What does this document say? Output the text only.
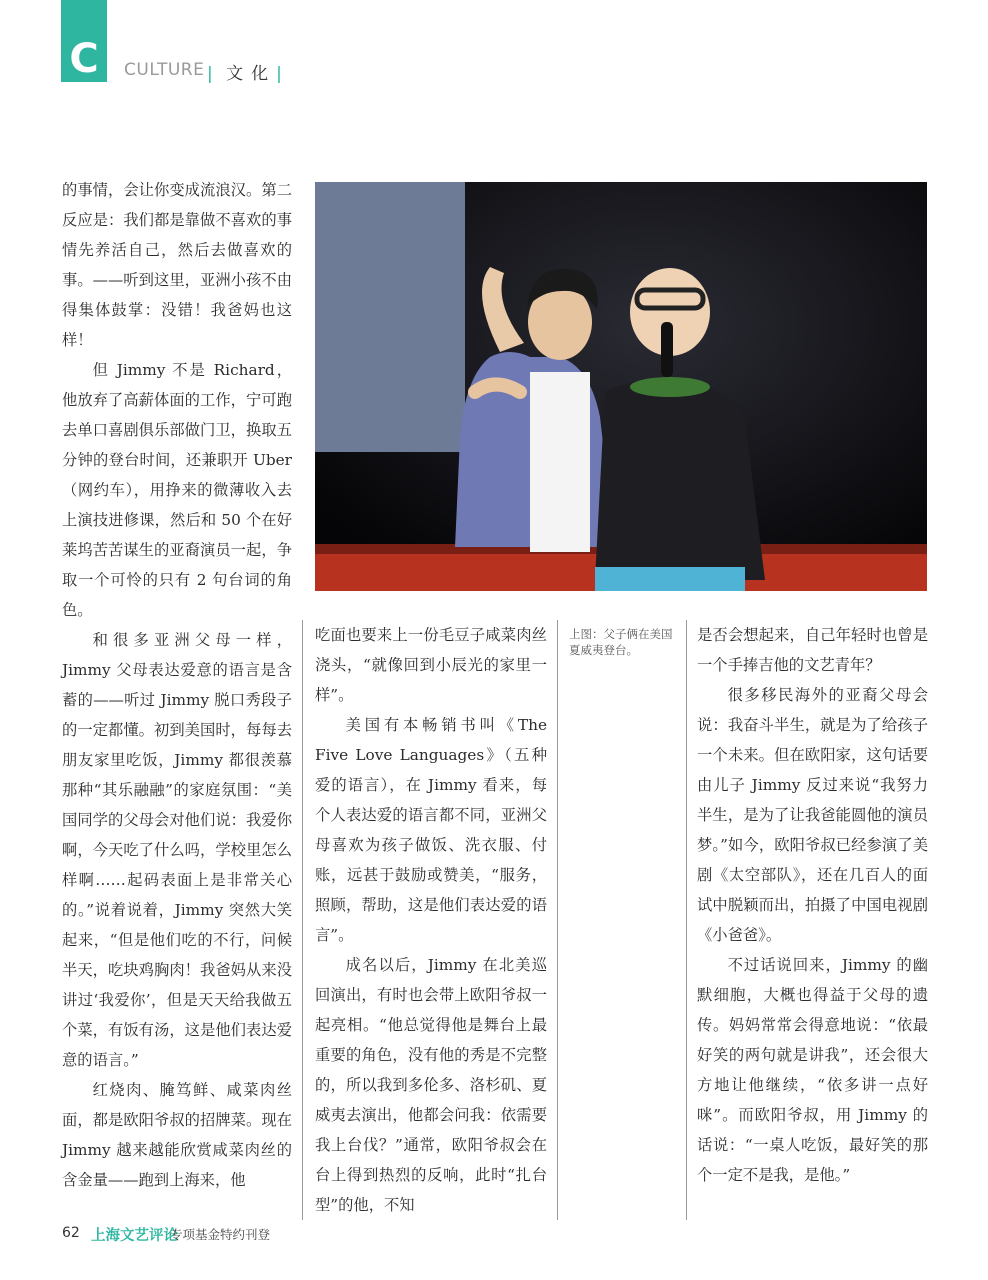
C CULTURE | 文化|

的事情，会让你变成流浪汉。第二反应是：我们都是靠做不喜欢的事情先养活自己，然后去做喜欢的事。——听到这里，亚洲小孩不由得集体鼓掌：没错！我爸妈也这样！

但 Jimmy 不是 Richard，他放弃了高薪体面的工作，宁可跑去单口喜剧俱乐部做门卫，换取五分钟的登台时间，还兼职开 Uber（网约车），用挣来的微薄收入去上演技进修课，然后和 50 个在好莱坞苦苦谋生的亚裔演员一起，争取一个可怜的只有 2 句台词的角色。

和很多亚洲父母一样，Jimmy 父母表达爱意的语言是含蓄的——听过 Jimmy 脱口秀段子的一定都懂。初到美国时，每每去朋友家里吃饭，Jimmy 都很羡慕那种“其乐融融”的家庭氛围：“美国同学的父母会对他们说：我爱你啊，今天吃了什么吗，学校里怎么样啊……起码表面上是非常关心的。”说着说着，Jimmy 突然大笑起来，“但是他们吃的不行，问候半天，吃块鸡胸肉！我爸妈从来没讲过‘我爱你’，但是天天给我做五个菜，有饭有汤，这是他们表达爱意的语言。”

红烧肉、腌笃鲜、咸菜肉丝面，都是欧阳爷叔的招牌菜。现在 Jimmy 越来越能欣赏咸菜肉丝的含金量——跑到上海来，他

吃面也要来上一份毛豆子咸菜肉丝浇头，“就像回到小辰光的家里一样”。

美国有本畅销书叫《The Five Love Languages》（五种爱的语言），在 Jimmy 看来，每个人表达爱的语言都不同，亚洲父母喜欢为孩子做饭、洗衣服、付账，远甚于鼓励或赞美，“服务，照顾，帮助，这是他们表达爱的语言”。

成名以后，Jimmy 在北美巡回演出，有时也会带上欧阳爷叔一起亮相。“他总觉得他是舞台上最重要的角色，没有他的秀是不完整的，所以我到多伦多、洛杉矶、夏威夷去演出，他都会问我：依需要我上台伐？”通常，欧阳爷叔会在台上得到热烈的反响，此时“扎台型”的他，不知

上图：父子俩在美国夏威夷登台。

是否会想起来，自己年轻时也曾是一个手捧吉他的文艺青年？

很多移民海外的亚裔父母会说：我奋斗半生，就是为了给孩子一个未来。但在欧阳家，这句话要由儿子 Jimmy 反过来说“我努力半生，是为了让我爸能圆他的演员梦。”如今，欧阳爷叔已经参演了美剧《太空部队》，还在几百人的面试中脱颖而出，拍摄了中国电视剧《小爸爸》。

不过话说回来，Jimmy 的幽默细胞，大概也得益于父母的遗传。妈妈常常会得意地说：“依最好笑的两句就是讲我”，还会很大方地让他继续，“依多讲一点好咪”。而欧阳爷叔，用 Jimmy 的话说：“一桌人吃饭，最好笑的那个一定不是我，是他。”

62 上海文艺评论
专项基金特约刊登
